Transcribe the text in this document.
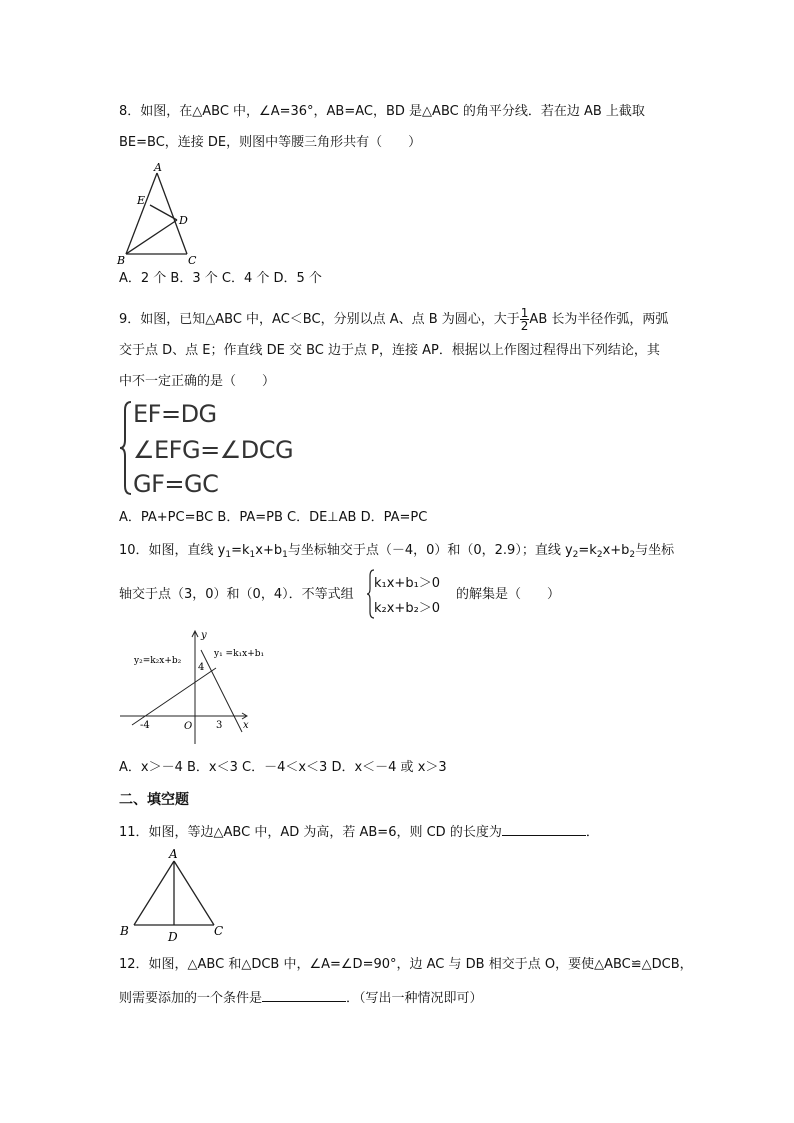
8．如图，在△ABC 中，∠A=36°，AB=AC，BD 是△ABC 的角平分线．若在边 AB 上截取
BE=BC，连接 DE，则图中等腰三角形共有（　　）
A
E
D
B	C
A．2 个 B．3 个 C．4 个 D．5 个
9．如图，已知△ABC 中，AC＜BC，分别以点 A、点 B 为圆心，大于 $\frac{1}{2}$ AB 长为半径作弧，两弧
交于点 D、点 E；作直线 DE 交 BC 边于点 P，连接 AP．根据以上作图过程得出下列结论，其
中不一定正确的是（　　）
EF=DG
∠EFG=∠DCG
GF=GC
A．PA+PC=BC B．PA=PB C．DE⊥AB D．PA=PC
10．如图，直线 $y_1=k_1x+b_1$与坐标轴交于点（－4，0）和（0，2.9）；直线 $y_2=k_2x+b_2$与坐标
轴交于点（3，0）和（0，4）．不等式组
k₁x+b₁＞0
k₂x+b₂＞0
的解集是（　　）
y
x
O
-4	3
4
y₁ =k₁x+b₁
y₂=k₂x+b₂
A．x＞－4 B．x＜3 C．－4＜x＜3 D．x＜－4 或 x＞3
二、填空题
11．如图，等边△ABC 中，AD 为高，若 AB=6，则 CD 的长度为	．
A
B	C
D
12．如图，△ABC 和△DCB 中，∠A=∠D=90°，边 AC 与 DB 相交于点 O，要使△ABC≌△DCB，
则需要添加的一个条件是	．（写出一种情况即可）
